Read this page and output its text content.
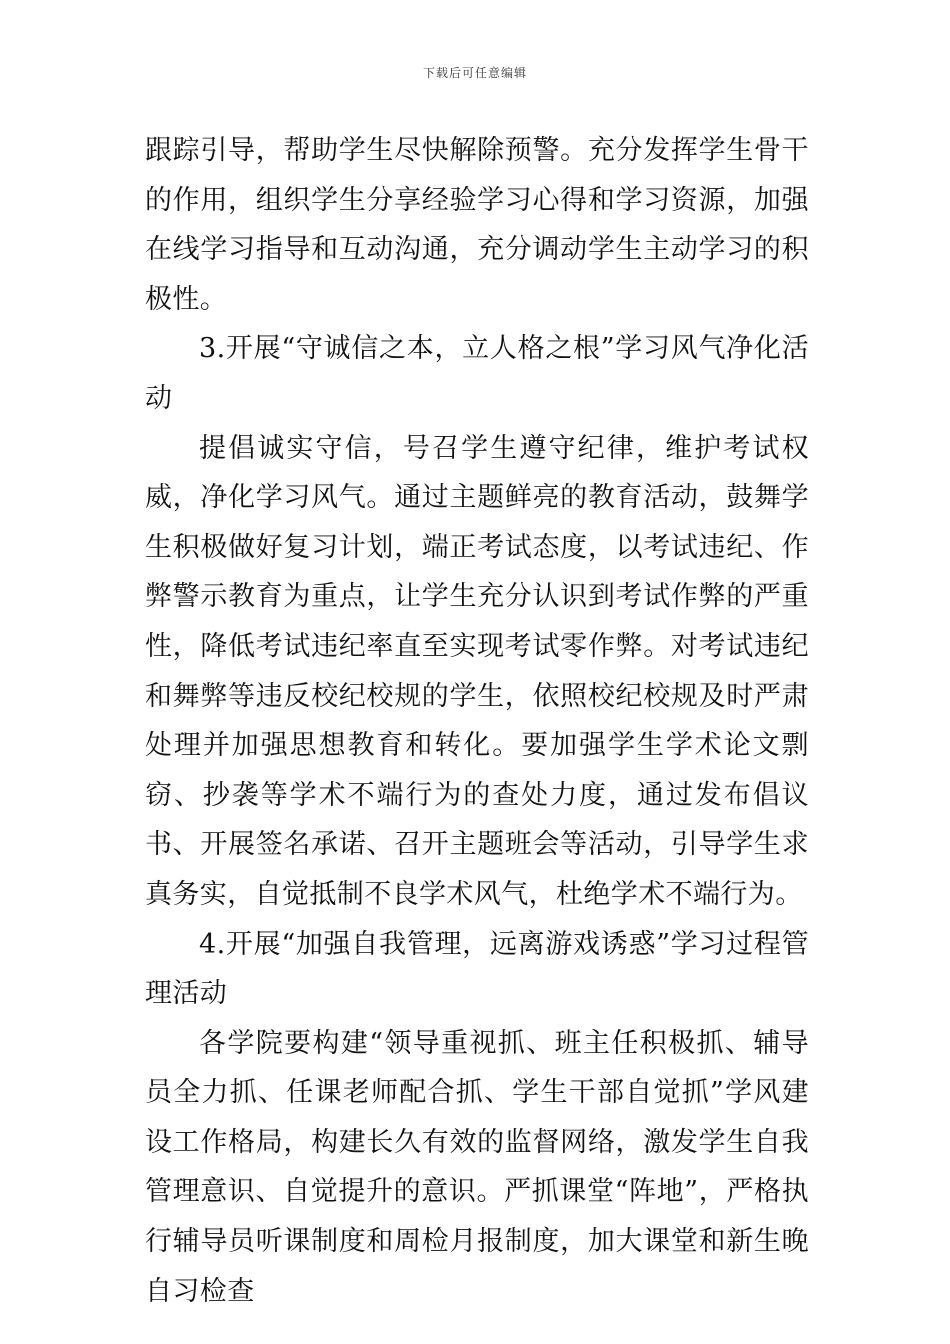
下载后可任意编辑

跟踪引导，帮助学生尽快解除预警。充分发挥学生骨干的作用，组织学生分享经验学习心得和学习资源，加强在线学习指导和互动沟通，充分调动学生主动学习的积极性。

3.开展“守诚信之本，立人格之根”学习风气净化活动

提倡诚实守信，号召学生遵守纪律，维护考试权威，净化学习风气。通过主题鲜亮的教育活动，鼓舞学生积极做好复习计划，端正考试态度，以考试违纪、作弊警示教育为重点，让学生充分认识到考试作弊的严重性，降低考试违纪率直至实现考试零作弊。对考试违纪和舞弊等违反校纪校规的学生，依照校纪校规及时严肃处理并加强思想教育和转化。要加强学生学术论文剽窃、抄袭等学术不端行为的查处力度，通过发布倡议书、开展签名承诺、召开主题班会等活动，引导学生求真务实，自觉抵制不良学术风气，杜绝学术不端行为。

4.开展“加强自我管理，远离游戏诱惑”学习过程管理活动

各学院要构建“领导重视抓、班主任积极抓、辅导员全力抓、任课老师配合抓、学生干部自觉抓”学风建设工作格局，构建长久有效的监督网络，激发学生自我管理意识、自觉提升的意识。严抓课堂“阵地”，严格执行辅导员听课制度和周检月报制度，加大课堂和新生晚自习检查
